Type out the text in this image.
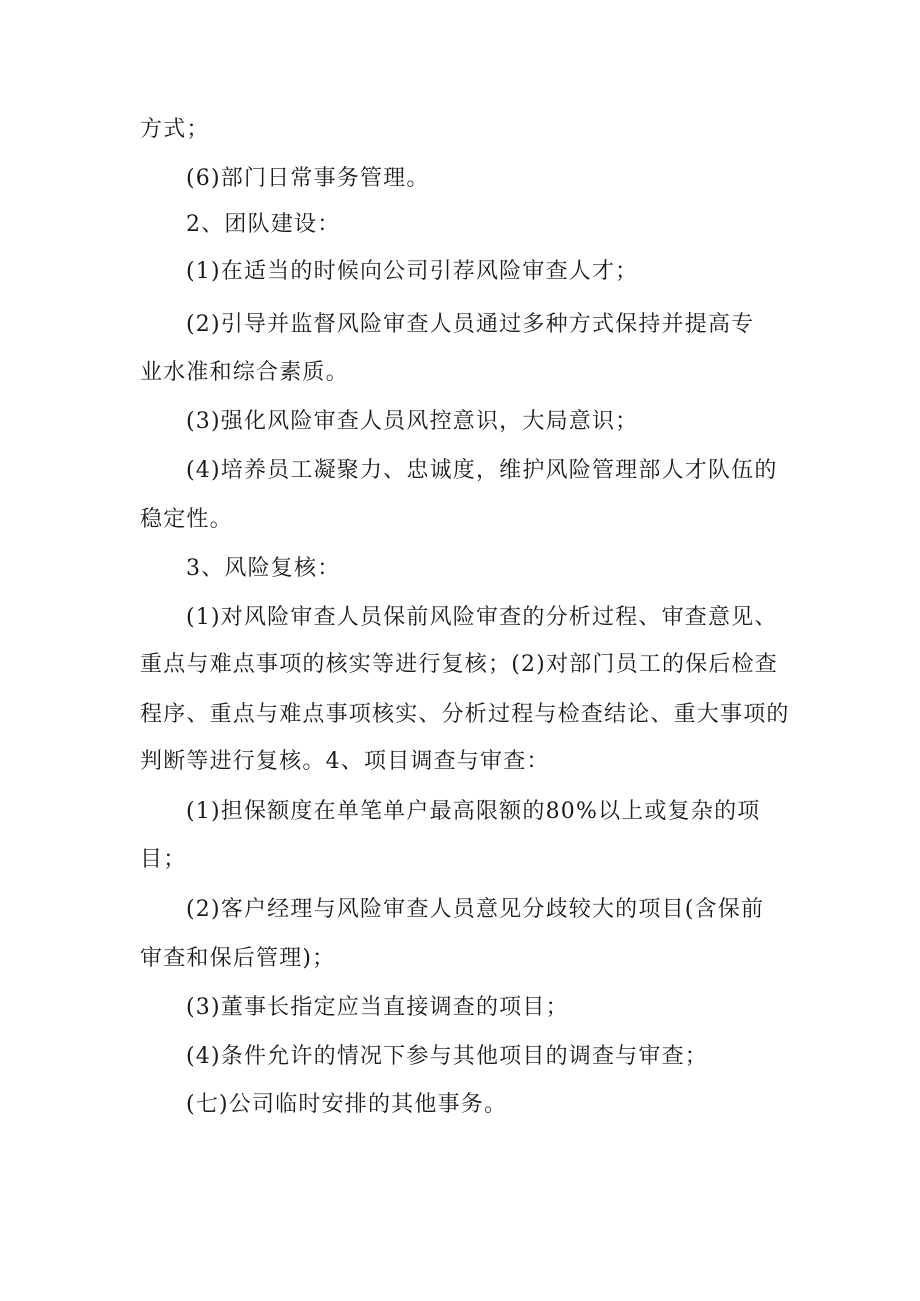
方式；
(6)部门日常事务管理。
2、团队建设：
(1)在适当的时候向公司引荐风险审查人才；
(2)引导并监督风险审查人员通过多种方式保持并提高专
业水准和综合素质。
(3)强化风险审查人员风控意识，大局意识；
(4)培养员工凝聚力、忠诚度，维护风险管理部人才队伍的
稳定性。
3、风险复核：
(1)对风险审查人员保前风险审查的分析过程、审查意见、
重点与难点事项的核实等进行复核；(2)对部门员工的保后检查
程序、重点与难点事项核实、分析过程与检查结论、重大事项的
判断等进行复核。4、项目调查与审查：
(1)担保额度在单笔单户最高限额的80%以上或复杂的项
目；
(2)客户经理与风险审查人员意见分歧较大的项目(含保前
审查和保后管理)；
(3)董事长指定应当直接调查的项目；
(4)条件允许的情况下参与其他项目的调查与审查；
(七)公司临时安排的其他事务。
